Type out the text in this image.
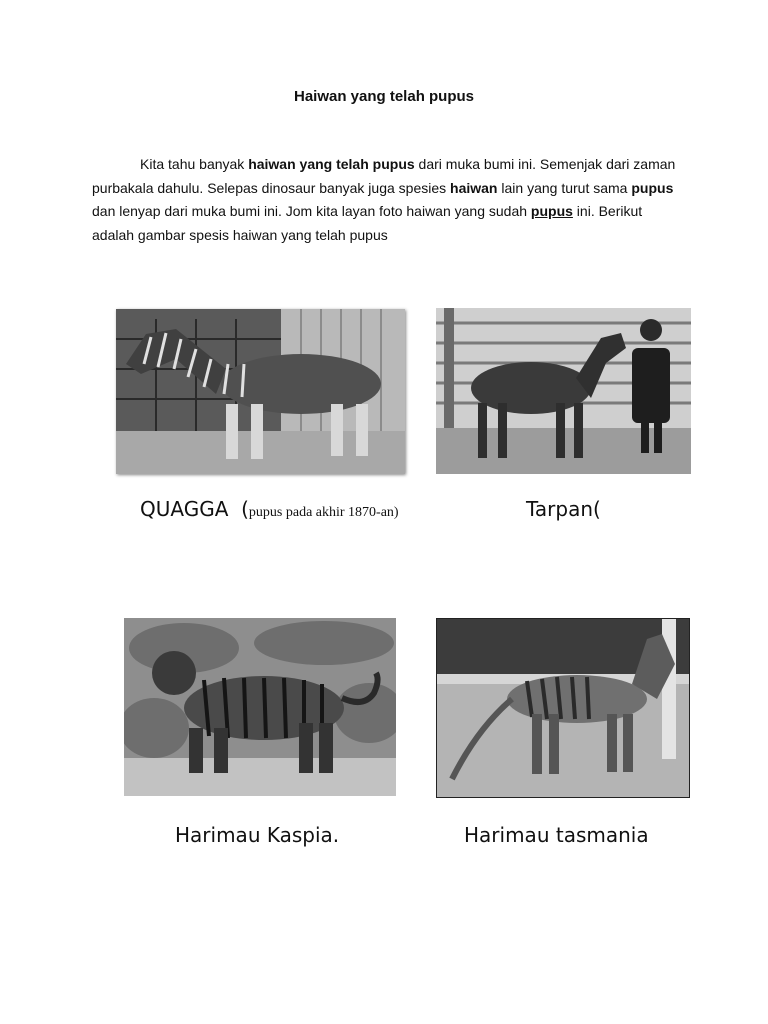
Haiwan yang telah pupus

Kita tahu banyak haiwan yang telah pupus dari muka bumi ini. Semenjak dari zaman purbakala dahulu. Selepas dinosaur banyak juga spesies haiwan lain yang turut sama pupus dan lenyap dari muka bumi ini. Jom kita layan foto haiwan yang sudah pupus ini. Berikut adalah gambar spesis haiwan yang telah pupus

QUAGGA  (pupus pada akhir 1870-an)	Tarpan(
Harimau Kaspia.	Harimau tasmania
